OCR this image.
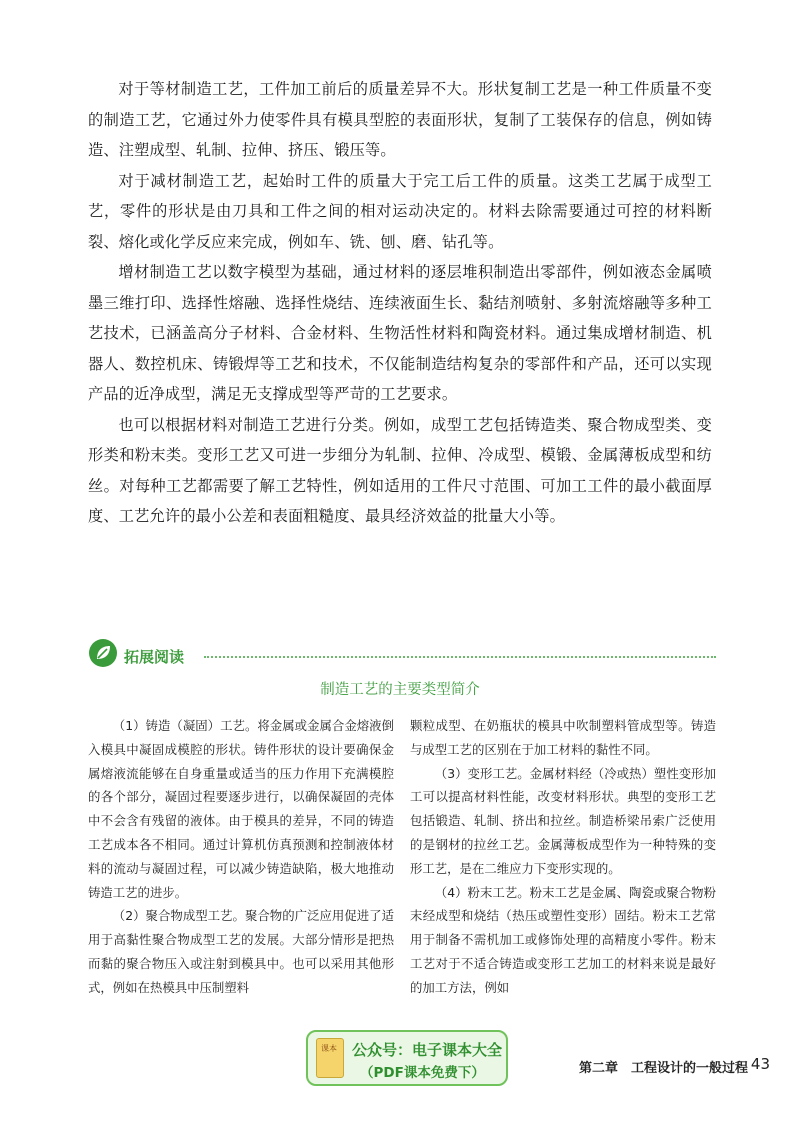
对于等材制造工艺，工件加工前后的质量差异不大。形状复制工艺是一种工件质量不变的制造工艺，它通过外力使零件具有模具型腔的表面形状，复制了工装保存的信息，例如铸造、注塑成型、轧制、拉伸、挤压、锻压等。

对于减材制造工艺，起始时工件的质量大于完工后工件的质量。这类工艺属于成型工艺，零件的形状是由刀具和工件之间的相对运动决定的。材料去除需要通过可控的材料断裂、熔化或化学反应来完成，例如车、铣、刨、磨、钻孔等。

增材制造工艺以数字模型为基础，通过材料的逐层堆积制造出零部件，例如液态金属喷墨三维打印、选择性熔融、选择性烧结、连续液面生长、黏结剂喷射、多射流熔融等多种工艺技术，已涵盖高分子材料、合金材料、生物活性材料和陶瓷材料。通过集成增材制造、机器人、数控机床、铸锻焊等工艺和技术，不仅能制造结构复杂的零部件和产品，还可以实现产品的近净成型，满足无支撑成型等严苛的工艺要求。

也可以根据材料对制造工艺进行分类。例如，成型工艺包括铸造类、聚合物成型类、变形类和粉末类。变形工艺又可进一步细分为轧制、拉伸、冷成型、模锻、金属薄板成型和纺丝。对每种工艺都需要了解工艺特性，例如适用的工件尺寸范围、可加工工件的最小截面厚度、工艺允许的最小公差和表面粗糙度、最具经济效益的批量大小等。

拓展阅读
制造工艺的主要类型简介

（1）铸造（凝固）工艺。将金属或金属合金熔液倒入模具中凝固成模腔的形状。铸件形状的设计要确保金属熔液流能够在自身重量或适当的压力作用下充满模腔的各个部分，凝固过程要逐步进行，以确保凝固的壳体中不会含有残留的液体。由于模具的差异，不同的铸造工艺成本各不相同。通过计算机仿真预测和控制液体材料的流动与凝固过程，可以减少铸造缺陷，极大地推动铸造工艺的进步。

（2）聚合物成型工艺。聚合物的广泛应用促进了适用于高黏性聚合物成型工艺的发展。大部分情形是把热而黏的聚合物压入或注射到模具中。也可以采用其他形式，例如在热模具中压制塑料

颗粒成型、在奶瓶状的模具中吹制塑料管成型等。铸造与成型工艺的区别在于加工材料的黏性不同。

（3）变形工艺。金属材料经（冷或热）塑性变形加工可以提高材料性能，改变材料形状。典型的变形工艺包括锻造、轧制、挤出和拉丝。制造桥梁吊索广泛使用的是钢材的拉丝工艺。金属薄板成型作为一种特殊的变形工艺，是在二维应力下变形实现的。

（4）粉末工艺。粉末工艺是金属、陶瓷或聚合物粉末经成型和烧结（热压或塑性变形）固结。粉末工艺常用于制备不需机加工或修饰处理的高精度小零件。粉末工艺对于不适合铸造或变形工艺加工的材料来说是最好的加工方法，例如

课本 公众号：电子课本大全
（PDF课本免费下）	第二章　工程设计的一般过程 43
